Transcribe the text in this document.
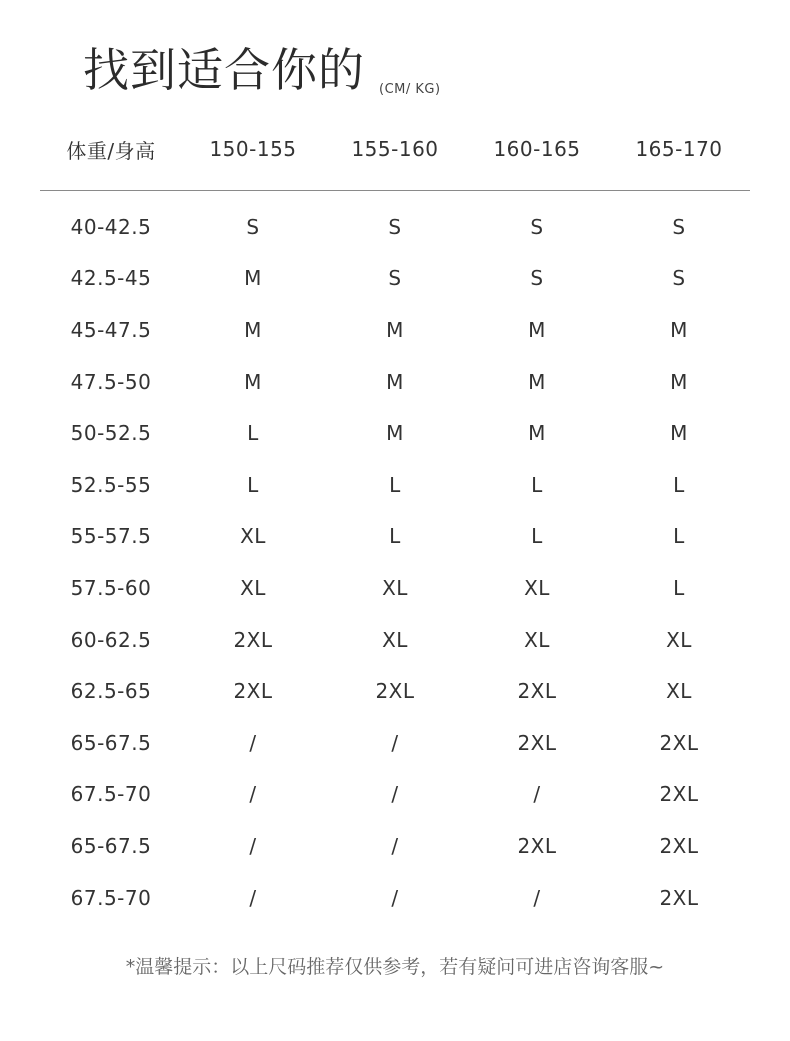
找到适合你的 (CM/ KG)
体重/身高	150-155	155-160	160-165	165-170
40-42.5	S	S	S	S
42.5-45	M	S	S	S
45-47.5	M	M	M	M
47.5-50	M	M	M	M
50-52.5	L	M	M	M
52.5-55	L	L	L	L
55-57.5	XL	L	L	L
57.5-60	XL	XL	XL	L
60-62.5	2XL	XL	XL	XL
62.5-65	2XL	2XL	2XL	XL
65-67.5	/	/	2XL	2XL
67.5-70	/	/	/	2XL
65-67.5	/	/	2XL	2XL
67.5-70	/	/	/	2XL
*温馨提示：以上尺码推荐仅供参考，若有疑问可进店咨询客服~
